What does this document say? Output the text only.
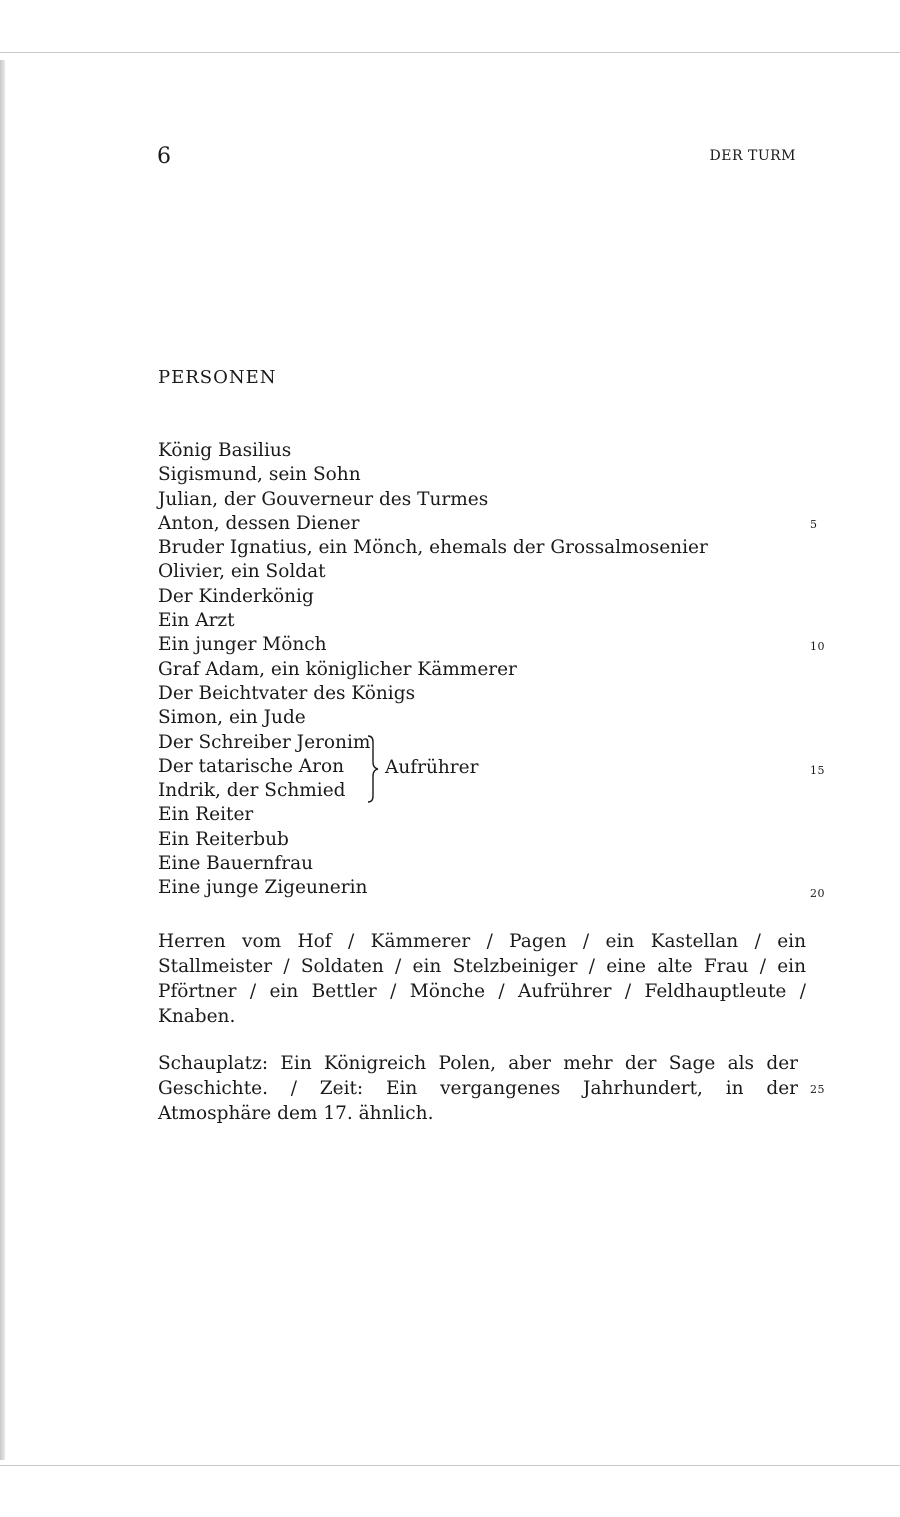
6	DER TURM
PERSONEN
König Basilius
Sigismund, sein Sohn
Julian, der Gouverneur des Turmes
Anton, dessen Diener
Bruder Ignatius, ein Mönch, ehemals der Grossalmosenier
Olivier, ein Soldat
Der Kinderkönig
Ein Arzt
Ein junger Mönch
Graf Adam, ein königlicher Kämmerer
Der Beichtvater des Königs
Simon, ein Jude
Der Schreiber Jeronim
Der tatarische Aron
Indrik, der Schmied
Ein Reiter
Ein Reiterbub
Eine Bauernfrau
Eine junge Zigeunerin
Aufrührer
5
10
15
20
25

Herren vom Hof / Kämmerer / Pagen / ein Kastellan / ein Stallmeister / Soldaten / ein Stelzbeiniger / eine alte Frau / ein Pförtner / ein Bettler / Mönche / Aufrührer / Feldhauptleute / Knaben.

Schauplatz: Ein Königreich Polen, aber mehr der Sage als der Geschichte. / Zeit: Ein vergangenes Jahrhundert, in der Atmosphäre dem 17. ähnlich.
